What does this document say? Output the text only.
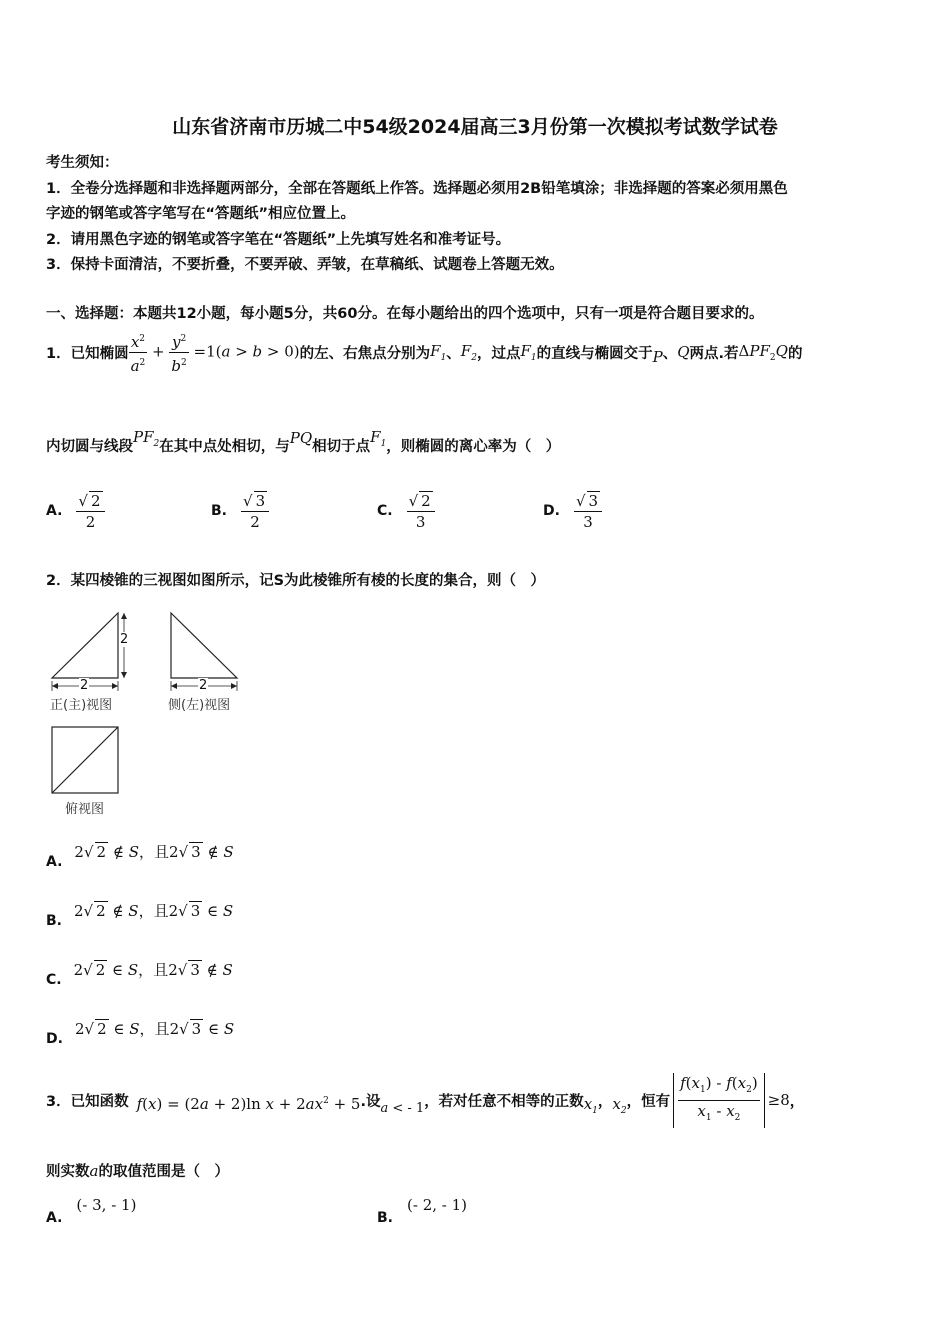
山东省济南市历城二中54级2024届高三3月份第一次模拟考试数学试卷
考生须知：
1．全卷分选择题和非选择题两部分，全部在答题纸上作答。选择题必须用2B铅笔填涂；非选择题的答案必须用黑色
字迹的钢笔或答字笔写在“答题纸”相应位置上。
2．请用黑色字迹的钢笔或答字笔在“答题纸”上先填写姓名和准考证号。
3．保持卡面清洁，不要折叠，不要弄破、弄皱，在草稿纸、试题卷上答题无效。
一、选择题：本题共12小题，每小题5分，共60分。在每小题给出的四个选项中，只有一项是符合题目要求的。
1．已知椭圆 $\frac{x^2}{a^2} + \frac{y^2}{b^2} =1(a > b > 0)$ 的左、右焦点分别为 $F_1$ 、 $F_2$ ，过点 $F_1$ 的直线与椭圆交于 P 、 Q 两点.若 $\Delta PF_2Q$ 的
内切圆与线段
$PF_2$ 在其中点处相切，与 PQ 相切于点
$F_1$ ，则椭圆的离心率为（　）
A. $\frac{√ 2}{2}$	B. $\frac{√ 3}{2}$	C. $\frac{√ 2}{3}$	D. $\frac{√ 3}{3}$
2．某四棱锥的三视图如图所示，记S为此棱锥所有棱的长度的集合，则（　）
2
2	2
正(主)视图	侧(左)视图
俯视图
A.
2√ 2 ∉ S，且2√ 3 ∉ S
B.
2√ 2 ∉ S，且2√ 3 ∈ S
C.
2√ 2 ∈ S，且2√ 3 ∉ S
D.
2√ 2 ∈ S，且2√ 3 ∈ S
3．已知函数 f(x) = (2a + 2)ln $x + 2ax^2 + 5$ .设 a < - 1 ，若对任意不相等的正数 $x_1$
， $x_2$
，恒有 $\frac{f(x_1) - f(x_2)}{x_1 - x_2} \ge 8$ ，
则实数a的取值范围是（　）
A.
(- 3, - 1)
B.
(- 2, - 1)
